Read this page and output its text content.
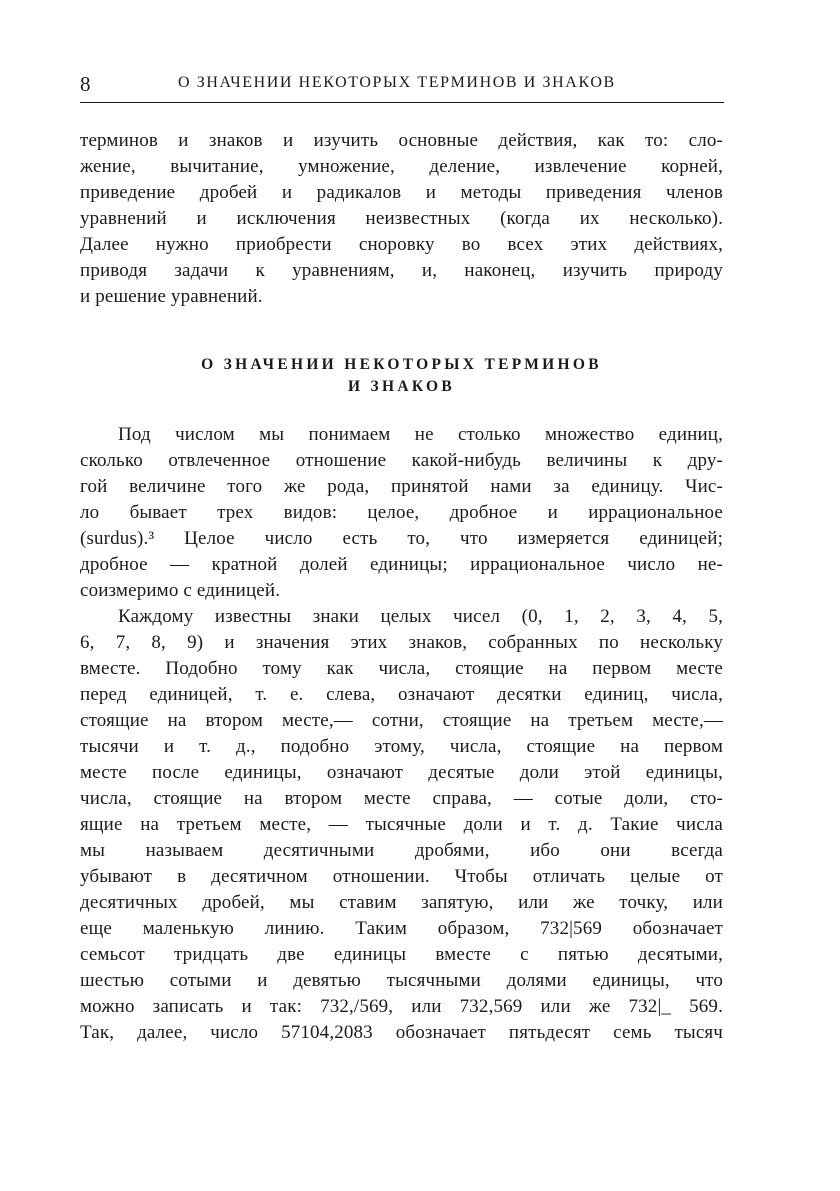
8	О ЗНАЧЕНИИ НЕКОТОРЫХ ТЕРМИНОВ И ЗНАКОВ
терминов и знаков и изучить основные действия, как то: сло-
жение, вычитание, умножение, деление, извлечение корней,
приведение дробей и радикалов и методы приведения членов
уравнений и исключения неизвестных (когда их несколько).
Далее нужно приобрести сноровку во всех этих действиях,
приводя задачи к уравнениям, и, наконец, изучить природу
и решение уравнений.
О ЗНАЧЕНИИ НЕКОТОРЫХ ТЕРМИНОВ
И ЗНАКОВ
Под числом мы понимаем не столько множество единиц,
сколько отвлеченное отношение какой-нибудь величины к дру-
гой величине того же рода, принятой нами за единицу. Чис-
ло бывает трех видов: целое, дробное и иррациональное
(surdus).³ Целое число есть то, что измеряется единицей;
дробное — кратной долей единицы; иррациональное число не-
соизмеримо с единицей.
Каждому известны знаки целых чисел (0, 1, 2, 3, 4, 5,
6, 7, 8, 9) и значения этих знаков, собранных по нескольку
вместе. Подобно тому как числа, стоящие на первом месте
перед единицей, т. е. слева, означают десятки единиц, числа,
стоящие на втором месте,— сотни, стоящие на третьем месте,—
тысячи и т. д., подобно этому, числа, стоящие на первом
месте после единицы, означают десятые доли этой единицы,
числа, стоящие на втором месте справа, — сотые доли, сто-
ящие на третьем месте, — тысячные доли и т. д. Такие числа
мы называем десятичными дробями, ибо они всегда
убывают в десятичном отношении. Чтобы отличать целые от
десятичных дробей, мы ставим запятую, или же точку, или
еще маленькую линию. Таким образом, 732|569 обозначает
семьсот тридцать две единицы вместе с пятью десятыми,
шестью сотыми и девятью тысячными долями единицы, что
можно записать и так: 732,/569, или 732,569 или же 732|_ 569.
Так, далее, число 57104,2083 обозначает пятьдесят семь тысяч
